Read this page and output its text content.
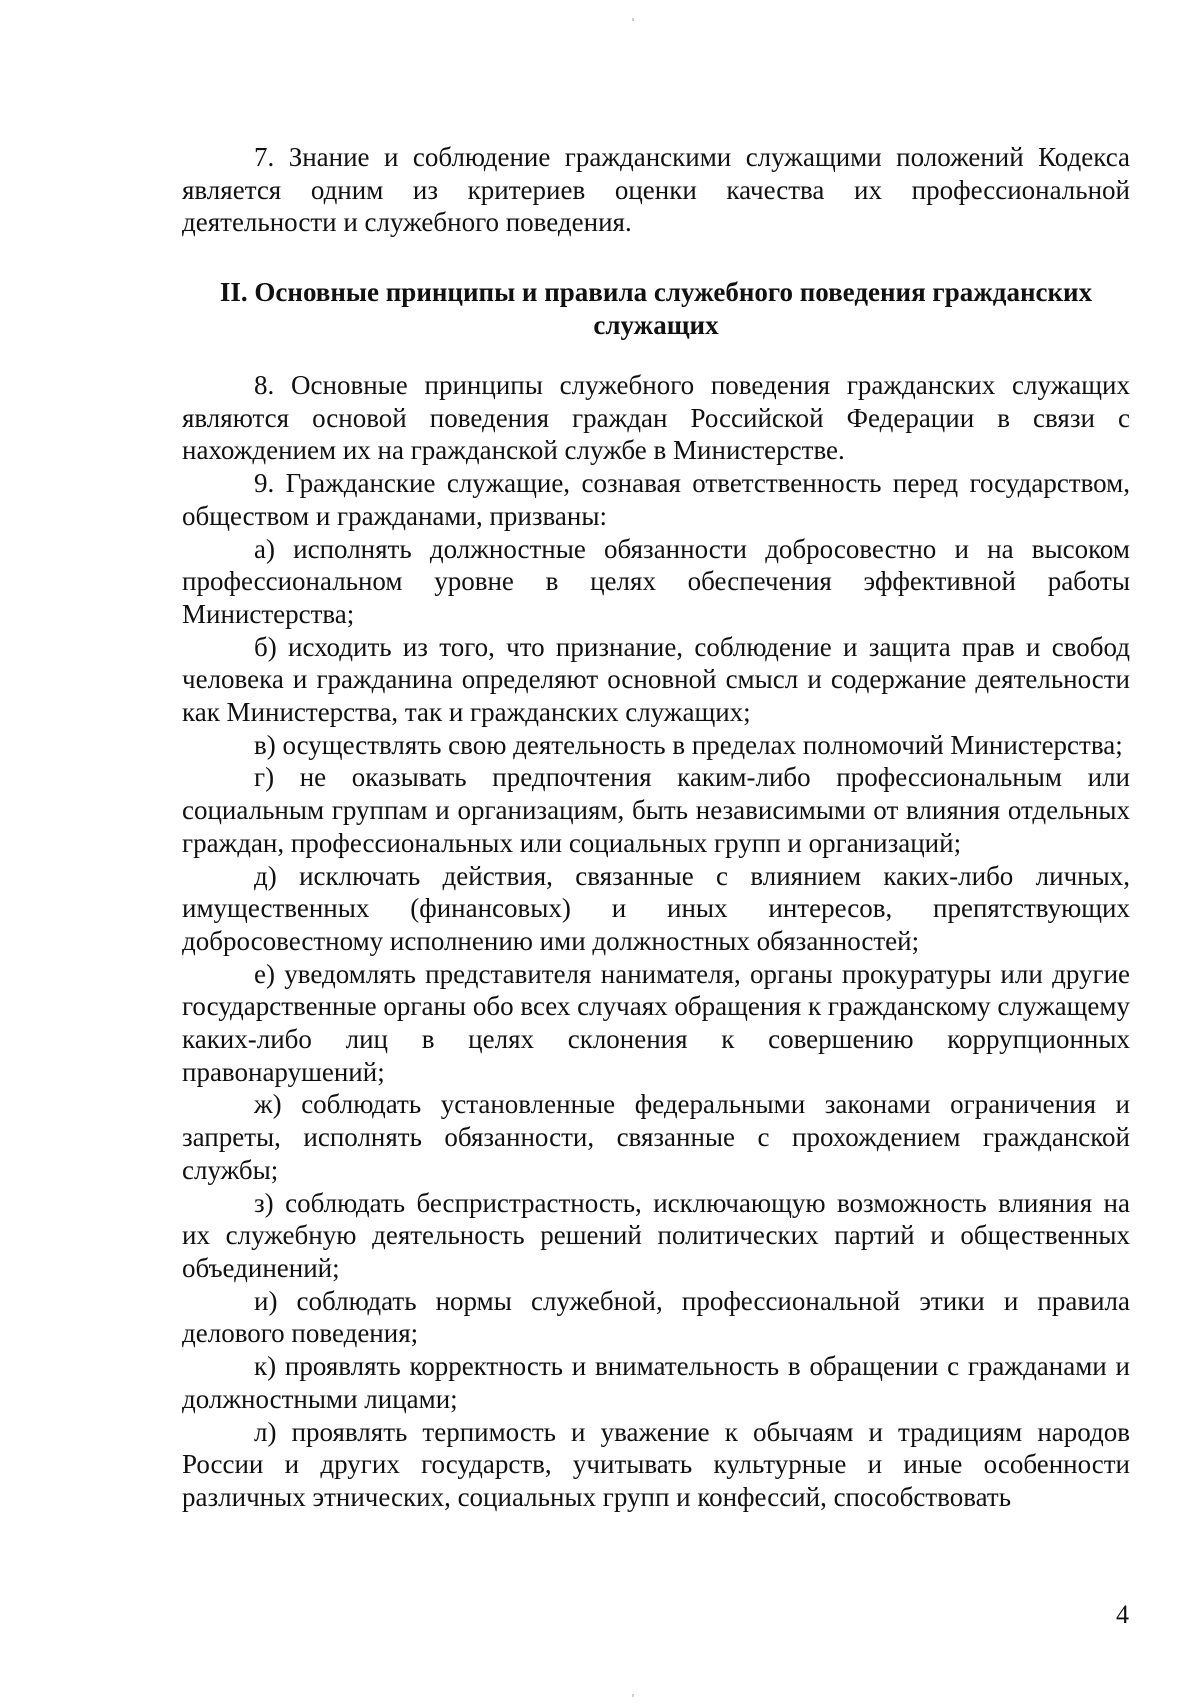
7. Знание и соблюдение гражданскими служащими положений Кодекса является одним из критериев оценки качества их профессиональной деятельности и служебного поведения.

II. Основные принципы и правила служебного поведения гражданских служащих

8. Основные принципы служебного поведения гражданских служащих являются основой поведения граждан Российской Федерации в связи с нахождением их на гражданской службе в Министерстве.

9. Гражданские служащие, сознавая ответственность перед государством, обществом и гражданами, призваны:

а) исполнять должностные обязанности добросовестно и на высоком профессиональном уровне в целях обеспечения эффективной работы Министерства;

б) исходить из того, что признание, соблюдение и защита прав и свобод человека и гражданина определяют основной смысл и содержание деятельности как Министерства, так и гражданских служащих;

в) осуществлять свою деятельность в пределах полномочий Министерства;

г) не оказывать предпочтения каким-либо профессиональным или социальным группам и организациям, быть независимыми от влияния отдельных граждан, профессиональных или социальных групп и организаций;

д) исключать действия, связанные с влиянием каких-либо личных, имущественных (финансовых) и иных интересов, препятствующих добросовестному исполнению ими должностных обязанностей;

е) уведомлять представителя нанимателя, органы прокуратуры или другие государственные органы обо всех случаях обращения к гражданскому служащему каких-либо лиц в целях склонения к совершению коррупционных правонарушений;

ж) соблюдать установленные федеральными законами ограничения и запреты, исполнять обязанности, связанные с прохождением гражданской службы;

з) соблюдать беспристрастность, исключающую возможность влияния на их служебную деятельность решений политических партий и общественных объединений;

и) соблюдать нормы служебной, профессиональной этики и правила делового поведения;

к) проявлять корректность и внимательность в обращении с гражданами и должностными лицами;

л) проявлять терпимость и уважение к обычаям и традициям народов России и других государств, учитывать культурные и иные особенности различных этнических, социальных групп и конфессий, способствовать

4
